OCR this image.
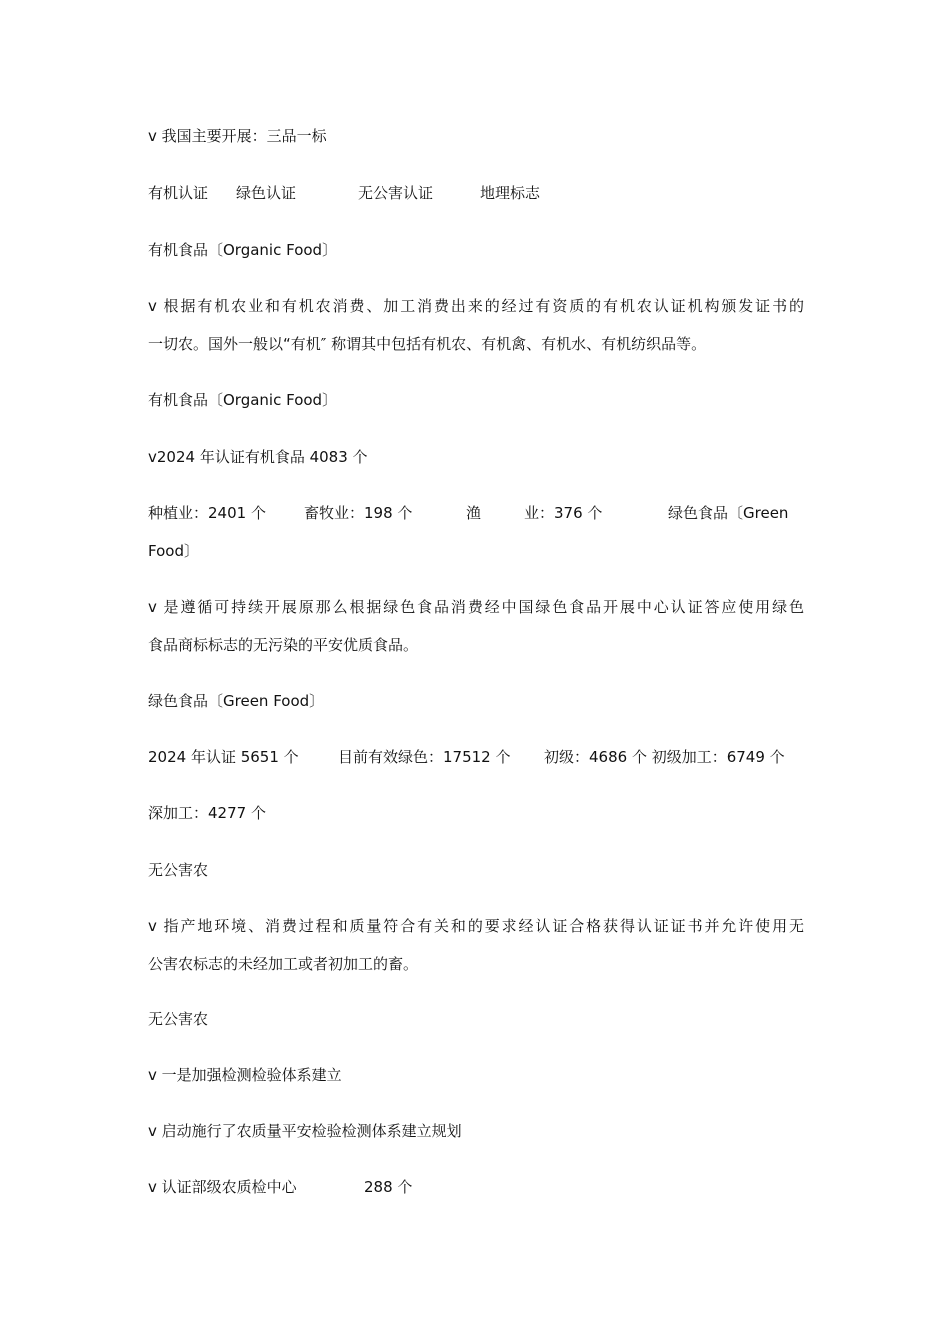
v 我国主要开展：三品一标
有机认证 绿色认证	无公害认证	地理标志
有机食品〔Organic Food〕
v 根据有机农业和有机农消费、加工消费出来的经过有资质的有机农认证机构颁发证书的
一切农。国外一般以“有机″ 称谓其中包括有机农、有机禽、有机水、有机纺织品等。
有机食品〔Organic Food〕
v2024 年认证有机食品 4083 个
种植业：2401 个	畜牧业：198 个	渔	业：376 个	绿色食品〔Green
Food〕
v 是遵循可持续开展原那么根据绿色食品消费经中国绿色食品开展中心认证答应使用绿色
食品商标标志的无污染的平安优质食品。
绿色食品〔Green Food〕
2024 年认证 5651 个	目前有效绿色：17512 个 初级：4686 个 初级加工：6749 个
深加工：4277 个
无公害农
v 指产地环境、消费过程和质量符合有关和的要求经认证合格获得认证证书并允许使用无
公害农标志的未经加工或者初加工的畜。
无公害农
v 一是加强检测检验体系建立
v 启动施行了农质量平安检验检测体系建立规划
v 认证部级农质检中心	288 个
